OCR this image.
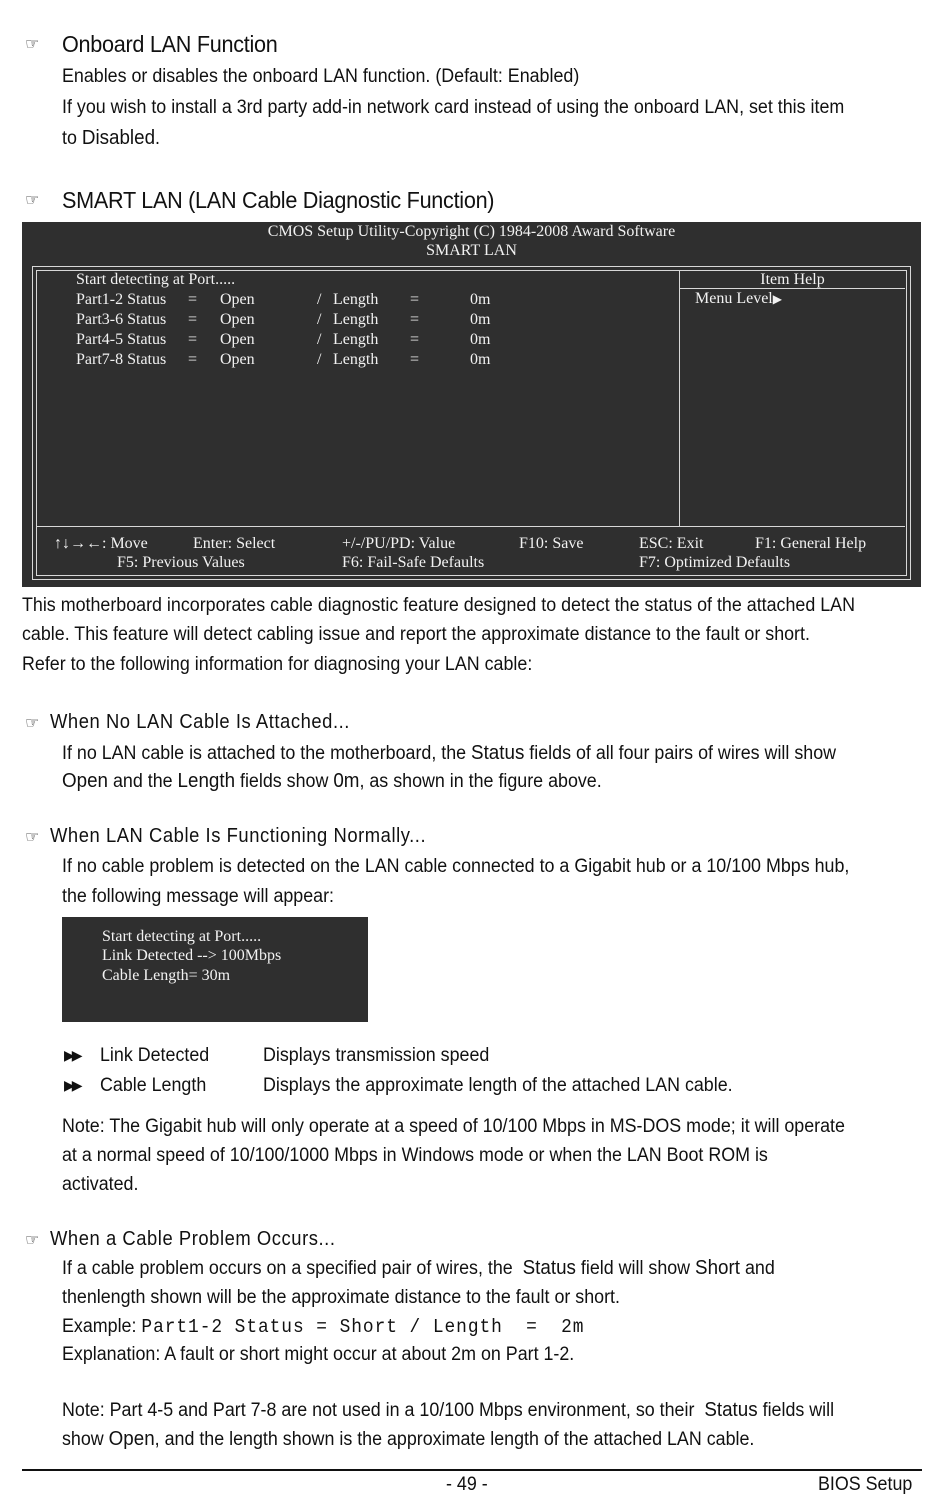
☞ Onboard LAN Function
Enables or disables the onboard LAN function. (Default: Enabled)
If you wish to install a 3rd party add-in network card instead of using the onboard LAN, set this item
to Disabled.
☞ SMART LAN (LAN Cable Diagnostic Function)
CMOS Setup Utility-Copyright (C) 1984-2008 Award Software
SMART LAN
Start detecting at Port.....
Part1-2 Status = Open	/ Length =	0m
Part3-6 Status = Open	/ Length =	0m
Part4-5 Status = Open	/ Length =	0m
Part7-8 Status = Open	/ Length =	0m
Item Help
Menu Level▶
↑↓→←: Move	Enter: Select	+/-/PU/PD: Value	F10: Save	ESC: Exit	F1: General Help
F5: Previous Values	F6: Fail-Safe Defaults	F7: Optimized Defaults
This motherboard incorporates cable diagnostic feature designed to detect the status of the attached LAN
cable. This feature will detect cabling issue and report the approximate distance to the fault or short.
Refer to the following information for diagnosing your LAN cable:
☞ When No LAN Cable Is Attached...
If no LAN cable is attached to the motherboard, the Status fields of all four pairs of wires will show
Open and the Length fields show 0m, as shown in the figure above.
☞ When LAN Cable Is Functioning Normally...
If no cable problem is detected on the LAN cable connected to a Gigabit hub or a 10/100 Mbps hub,
the following message will appear:
Start detecting at Port.....
Link Detected --> 100Mbps
Cable Length= 30m
▶▶ Link Detected	Displays transmission speed
▶▶ Cable Length	Displays the approximate length of the attached LAN cable.
Note: The Gigabit hub will only operate at a speed of 10/100 Mbps in MS-DOS mode; it will operate
at a normal speed of 10/100/1000 Mbps in Windows mode or when the LAN Boot ROM is
activated.
☞ When a Cable Problem Occurs...
If a cable problem occurs on a specified pair of wires, the Status field will show Short and
thenlength shown will be the approximate distance to the fault or short.
Example: Part1-2 Status = Short / Length  =  2m
Explanation: A fault or short might occur at about 2m on Part 1-2.
Note: Part 4-5 and Part 7-8 are not used in a 10/100 Mbps environment, so their Status fields will
show Open, and the length shown is the approximate length of the attached LAN cable.
- 49 -	BIOS Setup
